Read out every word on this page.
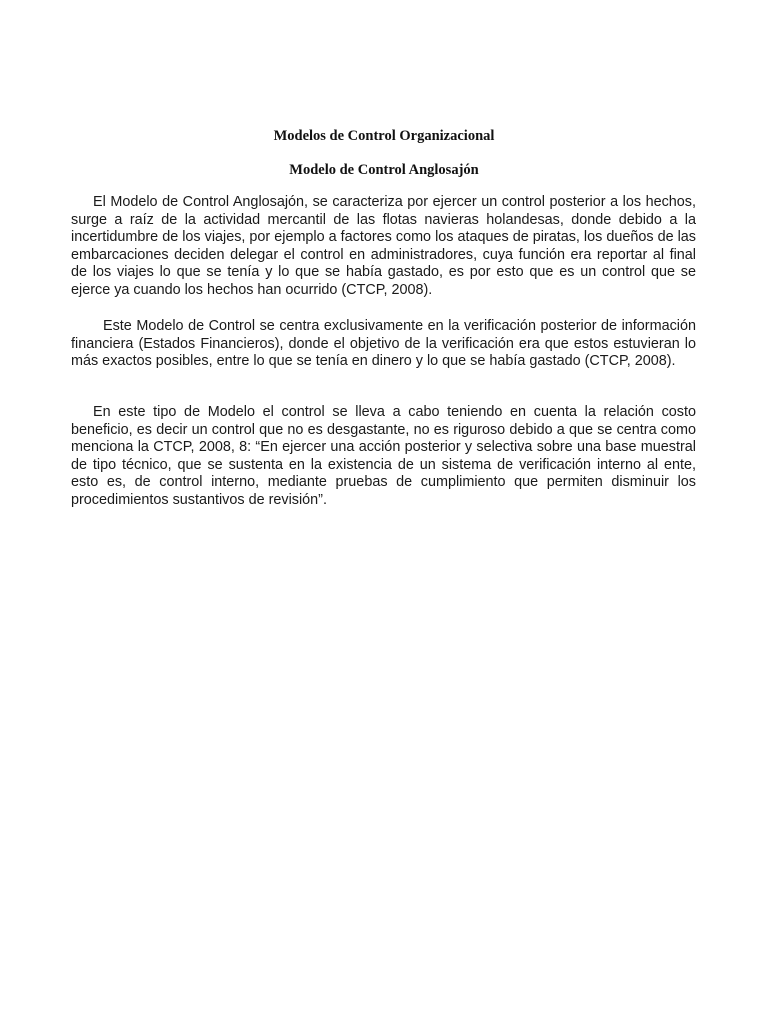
Modelos de Control Organizacional
Modelo de Control Anglosajón

El Modelo de Control Anglosajón, se caracteriza por ejercer un control posterior a los hechos, surge a raíz de la actividad mercantil de las flotas navieras holandesas, donde debido a la incertidumbre de los viajes, por ejemplo a factores como los ataques de piratas, los dueños de las embarcaciones deciden delegar el control en administradores, cuya función era reportar al final de los viajes lo que se tenía y lo que se había gastado, es por esto que es un control que se ejerce ya cuando los hechos han ocurrido (CTCP, 2008).

Este Modelo de Control se centra exclusivamente en la verificación posterior de información financiera (Estados Financieros), donde el objetivo de la verificación era que estos estuvieran lo más exactos posibles, entre lo que se tenía en dinero y lo que se había gastado (CTCP, 2008).

En este tipo de Modelo el control se lleva a cabo teniendo en cuenta la relación costo beneficio, es decir un control que no es desgastante, no es riguroso debido a que se centra como menciona la CTCP, 2008, 8: “En ejercer una acción posterior y selectiva sobre una base muestral de tipo técnico, que se sustenta en la existencia de un sistema de verificación interno al ente, esto es, de control interno, mediante pruebas de cumplimiento que permiten disminuir los procedimientos sustantivos de revisión”.
